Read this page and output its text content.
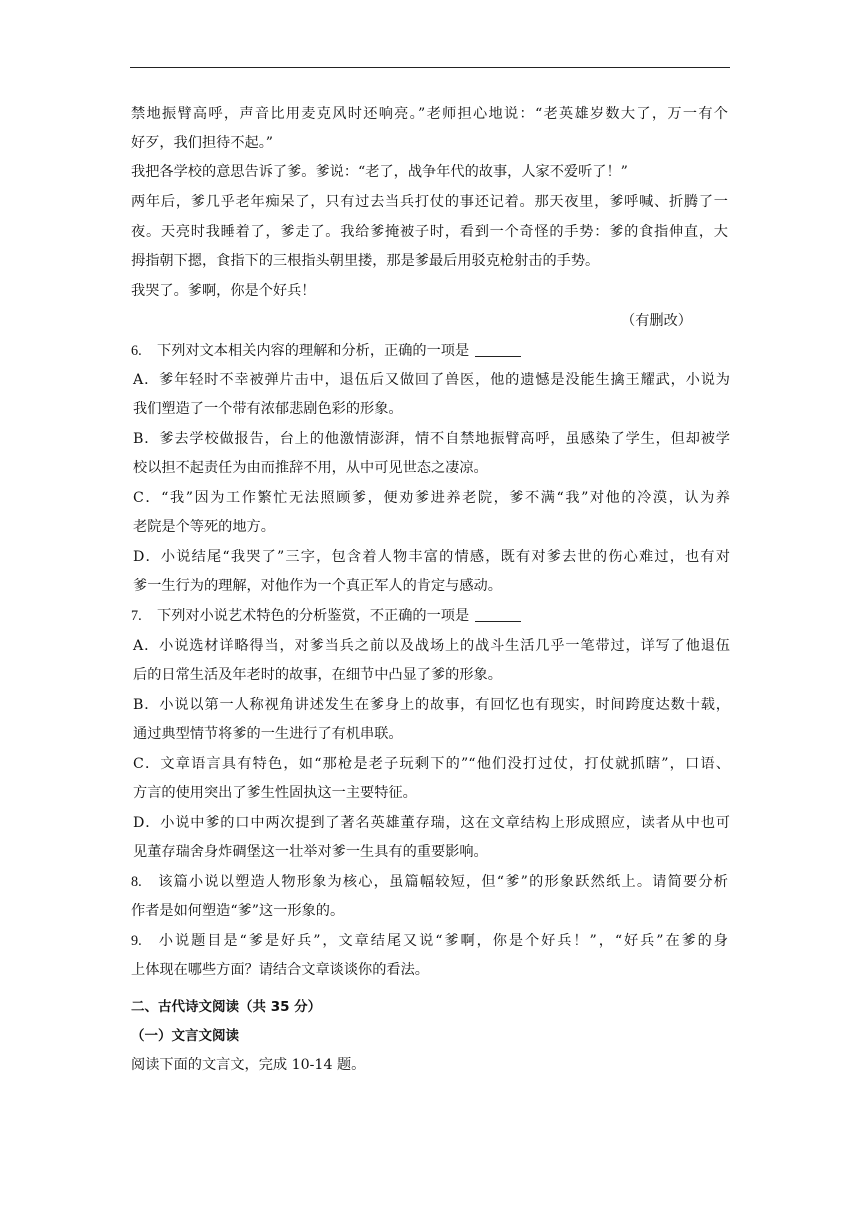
禁地振臂高呼，声音比用麦克风时还响亮。”老师担心地说：“老英雄岁数大了，万一有个
好歹，我们担待不起。”
我把各学校的意思告诉了爹。爹说：“老了，战争年代的故事，人家不爱听了！”
两年后，爹几乎老年痴呆了，只有过去当兵打仗的事还记着。那天夜里，爹呼喊、折腾了一
夜。天亮时我睡着了，爹走了。我给爹掩被子时，看到一个奇怪的手势：爹的食指伸直，大
拇指朝下摁，食指下的三根指头朝里搂，那是爹最后用驳克枪射击的手势。
我哭了。爹啊，你是个好兵！
（有删改）
6. 下列对文本相关内容的理解和分析，正确的一项是
A．爹年轻时不幸被弹片击中，退伍后又做回了兽医，他的遗憾是没能生擒王耀武，小说为
我们塑造了一个带有浓郁悲剧色彩的形象。
B．爹去学校做报告，台上的他激情澎湃，情不自禁地振臂高呼，虽感染了学生，但却被学
校以担不起责任为由而推辞不用，从中可见世态之凄凉。
C．“我”因为工作繁忙无法照顾爹，便劝爹进养老院，爹不满“我”对他的冷漠，认为养
老院是个等死的地方。
D．小说结尾“我哭了”三字，包含着人物丰富的情感，既有对爹去世的伤心难过，也有对
爹一生行为的理解，对他作为一个真正军人的肯定与感动。
7. 下列对小说艺术特色的分析鉴赏，不正确的一项是
A．小说选材详略得当，对爹当兵之前以及战场上的战斗生活几乎一笔带过，详写了他退伍
后的日常生活及年老时的故事，在细节中凸显了爹的形象。
B．小说以第一人称视角讲述发生在爹身上的故事，有回忆也有现实，时间跨度达数十载，
通过典型情节将爹的一生进行了有机串联。
C．文章语言具有特色，如“那枪是老子玩剩下的”“他们没打过仗，打仗就抓瞎”，口语、
方言的使用突出了爹生性固执这一主要特征。
D．小说中爹的口中两次提到了著名英雄董存瑞，这在文章结构上形成照应，读者从中也可
见董存瑞舍身炸碉堡这一壮举对爹一生具有的重要影响。
8. 该篇小说以塑造人物形象为核心，虽篇幅较短，但“爹”的形象跃然纸上。请简要分析
作者是如何塑造“爹”这一形象的。
9. 小说题目是“爹是好兵”，文章结尾又说“爹啊，你是个好兵！”，“好兵”在爹的身
上体现在哪些方面？请结合文章谈谈你的看法。
二、古代诗文阅读（共 35 分）
（一）文言文阅读
阅读下面的文言文，完成 10-14 题。
